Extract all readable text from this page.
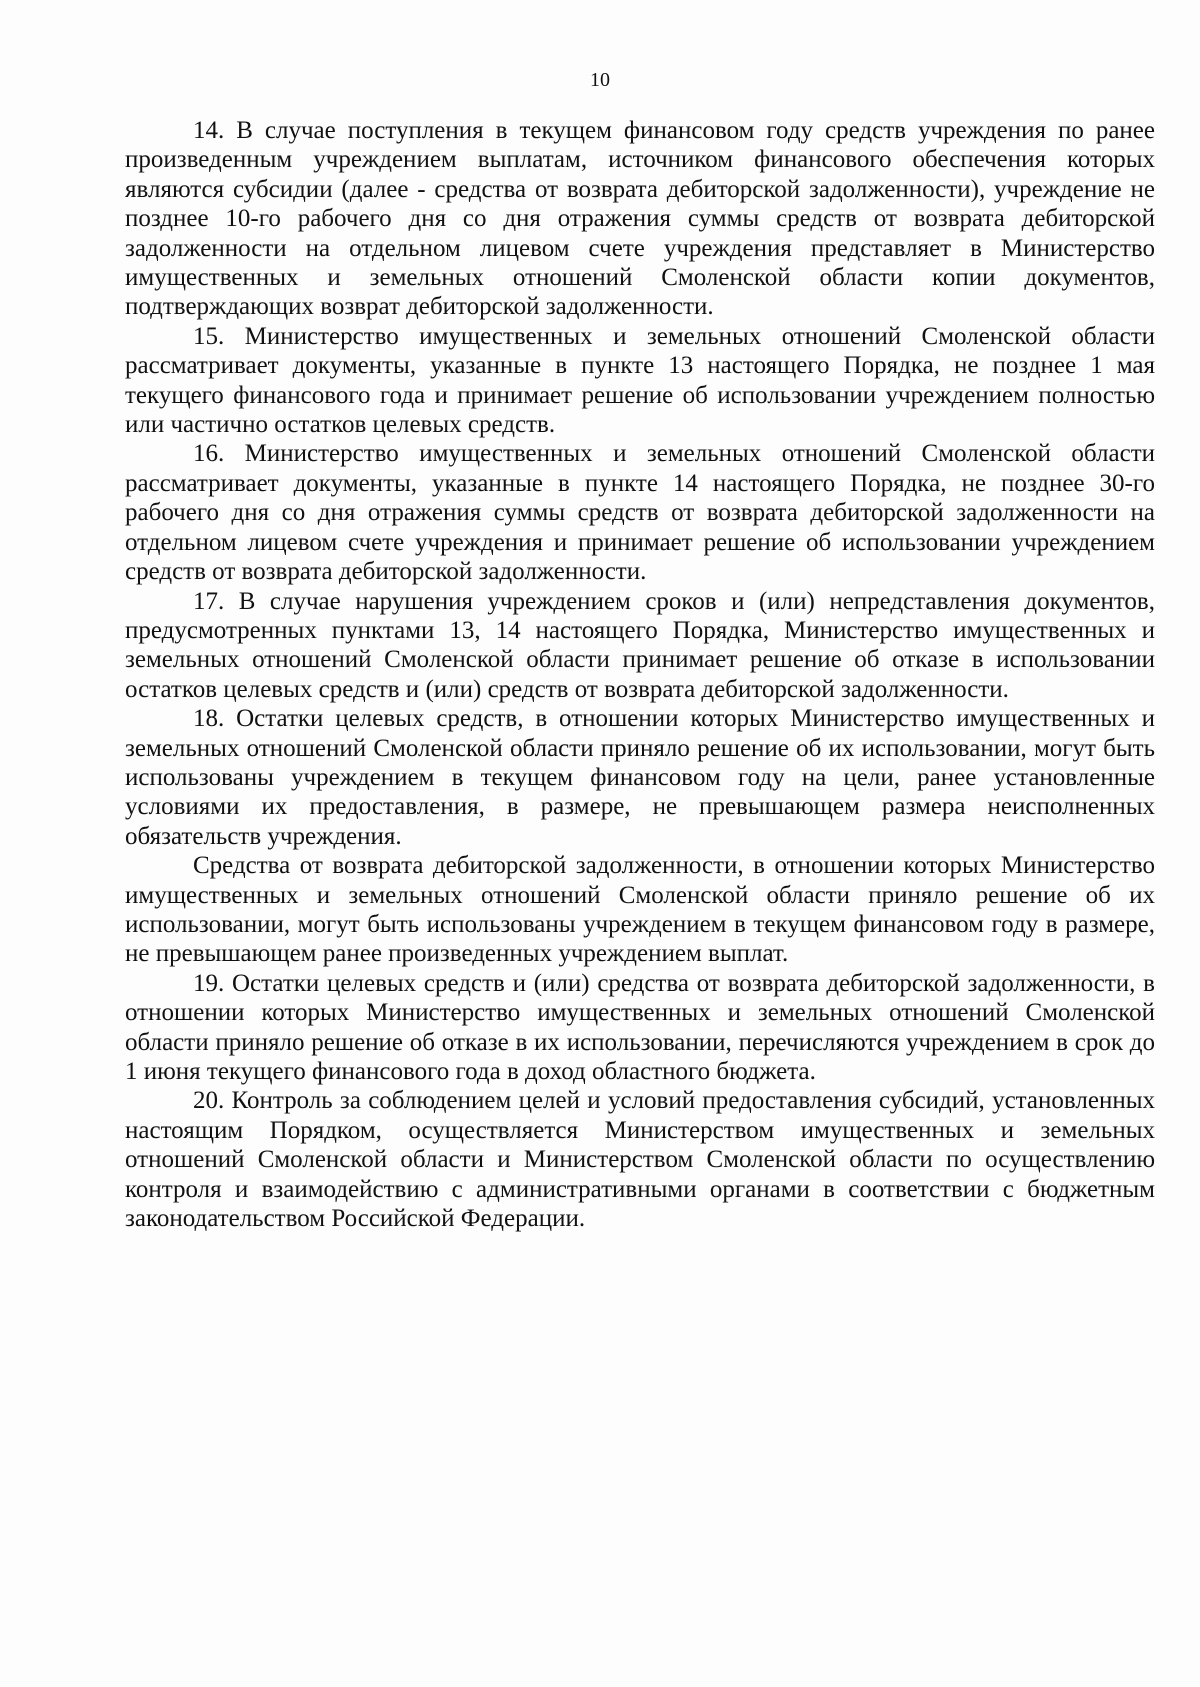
10

14. В случае поступления в текущем финансовом году средств учреждения по ранее произведенным учреждением выплатам, источником финансового обеспечения которых являются субсидии (далее - средства от возврата дебиторской задолженности), учреждение не позднее 10-го рабочего дня со дня отражения суммы средств от возврата дебиторской задолженности на отдельном лицевом счете учреждения представляет в Министерство имущественных и земельных отношений Смоленской области копии документов, подтверждающих возврат дебиторской задолженности.

15. Министерство имущественных и земельных отношений Смоленской области рассматривает документы, указанные в пункте 13 настоящего Порядка, не позднее 1 мая текущего финансового года и принимает решение об использовании учреждением полностью или частично остатков целевых средств.

16. Министерство имущественных и земельных отношений Смоленской области рассматривает документы, указанные в пункте 14 настоящего Порядка, не позднее 30-го рабочего дня со дня отражения суммы средств от возврата дебиторской задолженности на отдельном лицевом счете учреждения и принимает решение об использовании учреждением средств от возврата дебиторской задолженности.

17. В случае нарушения учреждением сроков и (или) непредставления документов, предусмотренных пунктами 13, 14 настоящего Порядка, Министерство имущественных и земельных отношений Смоленской области принимает решение об отказе в использовании остатков целевых средств и (или) средств от возврата дебиторской задолженности.

18. Остатки целевых средств, в отношении которых Министерство имущественных и земельных отношений Смоленской области приняло решение об их использовании, могут быть использованы учреждением в текущем финансовом году на цели, ранее установленные условиями их предоставления, в размере, не превышающем размера неисполненных обязательств учреждения.

Средства от возврата дебиторской задолженности, в отношении которых Министерство имущественных и земельных отношений Смоленской области приняло решение об их использовании, могут быть использованы учреждением в текущем финансовом году в размере, не превышающем ранее произведенных учреждением выплат.

19. Остатки целевых средств и (или) средства от возврата дебиторской задолженности, в отношении которых Министерство имущественных и земельных отношений Смоленской области приняло решение об отказе в их использовании, перечисляются учреждением в срок до 1 июня текущего финансового года в доход областного бюджета.

20. Контроль за соблюдением целей и условий предоставления субсидий, установленных настоящим Порядком, осуществляется Министерством имущественных и земельных отношений Смоленской области и Министерством Смоленской области по осуществлению контроля и взаимодействию с административными органами в соответствии с бюджетным законодательством Российской Федерации.
